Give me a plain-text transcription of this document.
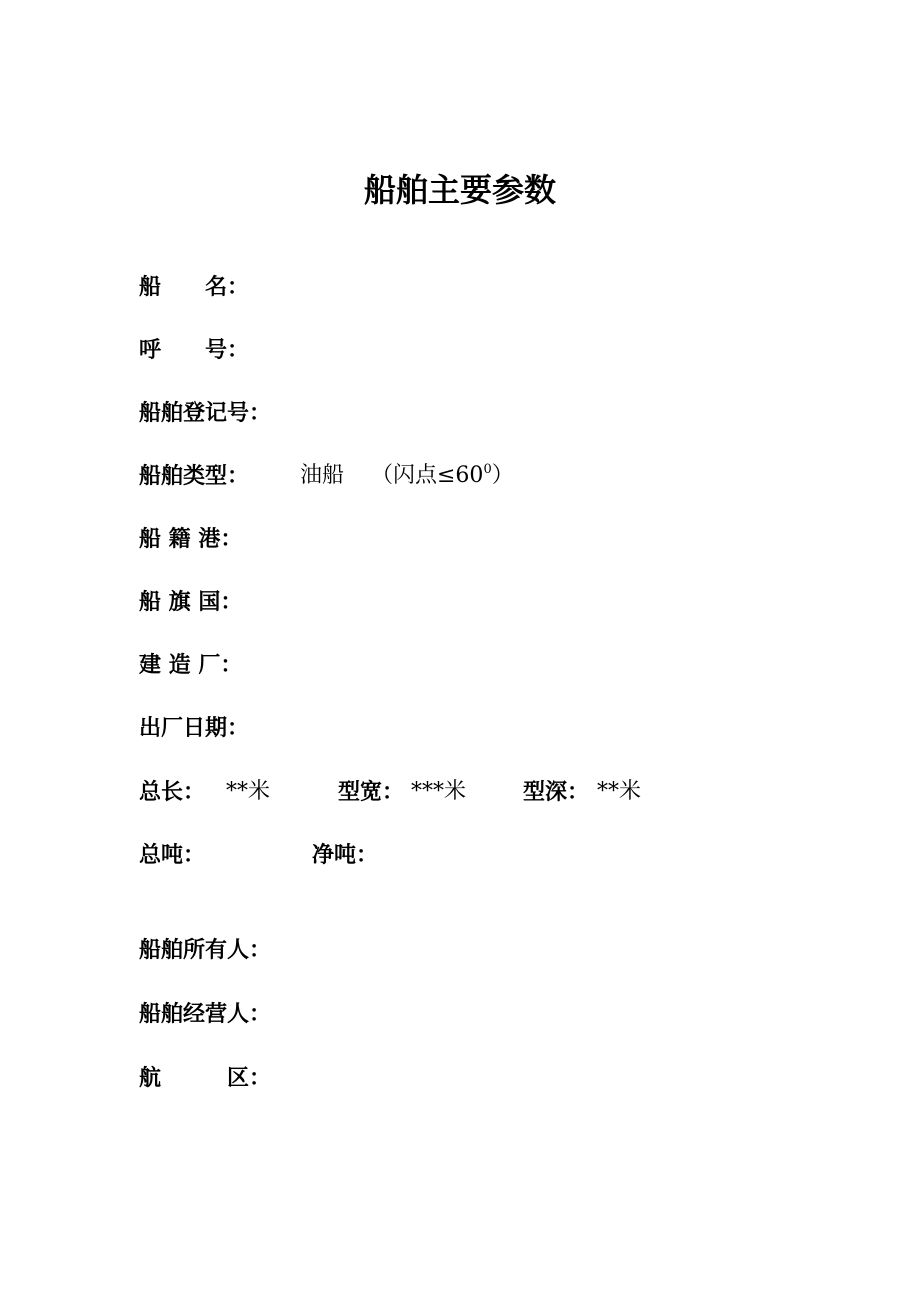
船舶主要参数
船　　名：
呼　　号：
船舶登记号：
船舶类型： 油船 （闪点$\le 60^0$）
船 籍 港：
船 旗 国：
建 造 厂：
出厂日期：
总长： **米	型宽： ***米	型深： **米
总吨：	净吨：
船舶所有人：
船舶经营人：
航　　　区：
